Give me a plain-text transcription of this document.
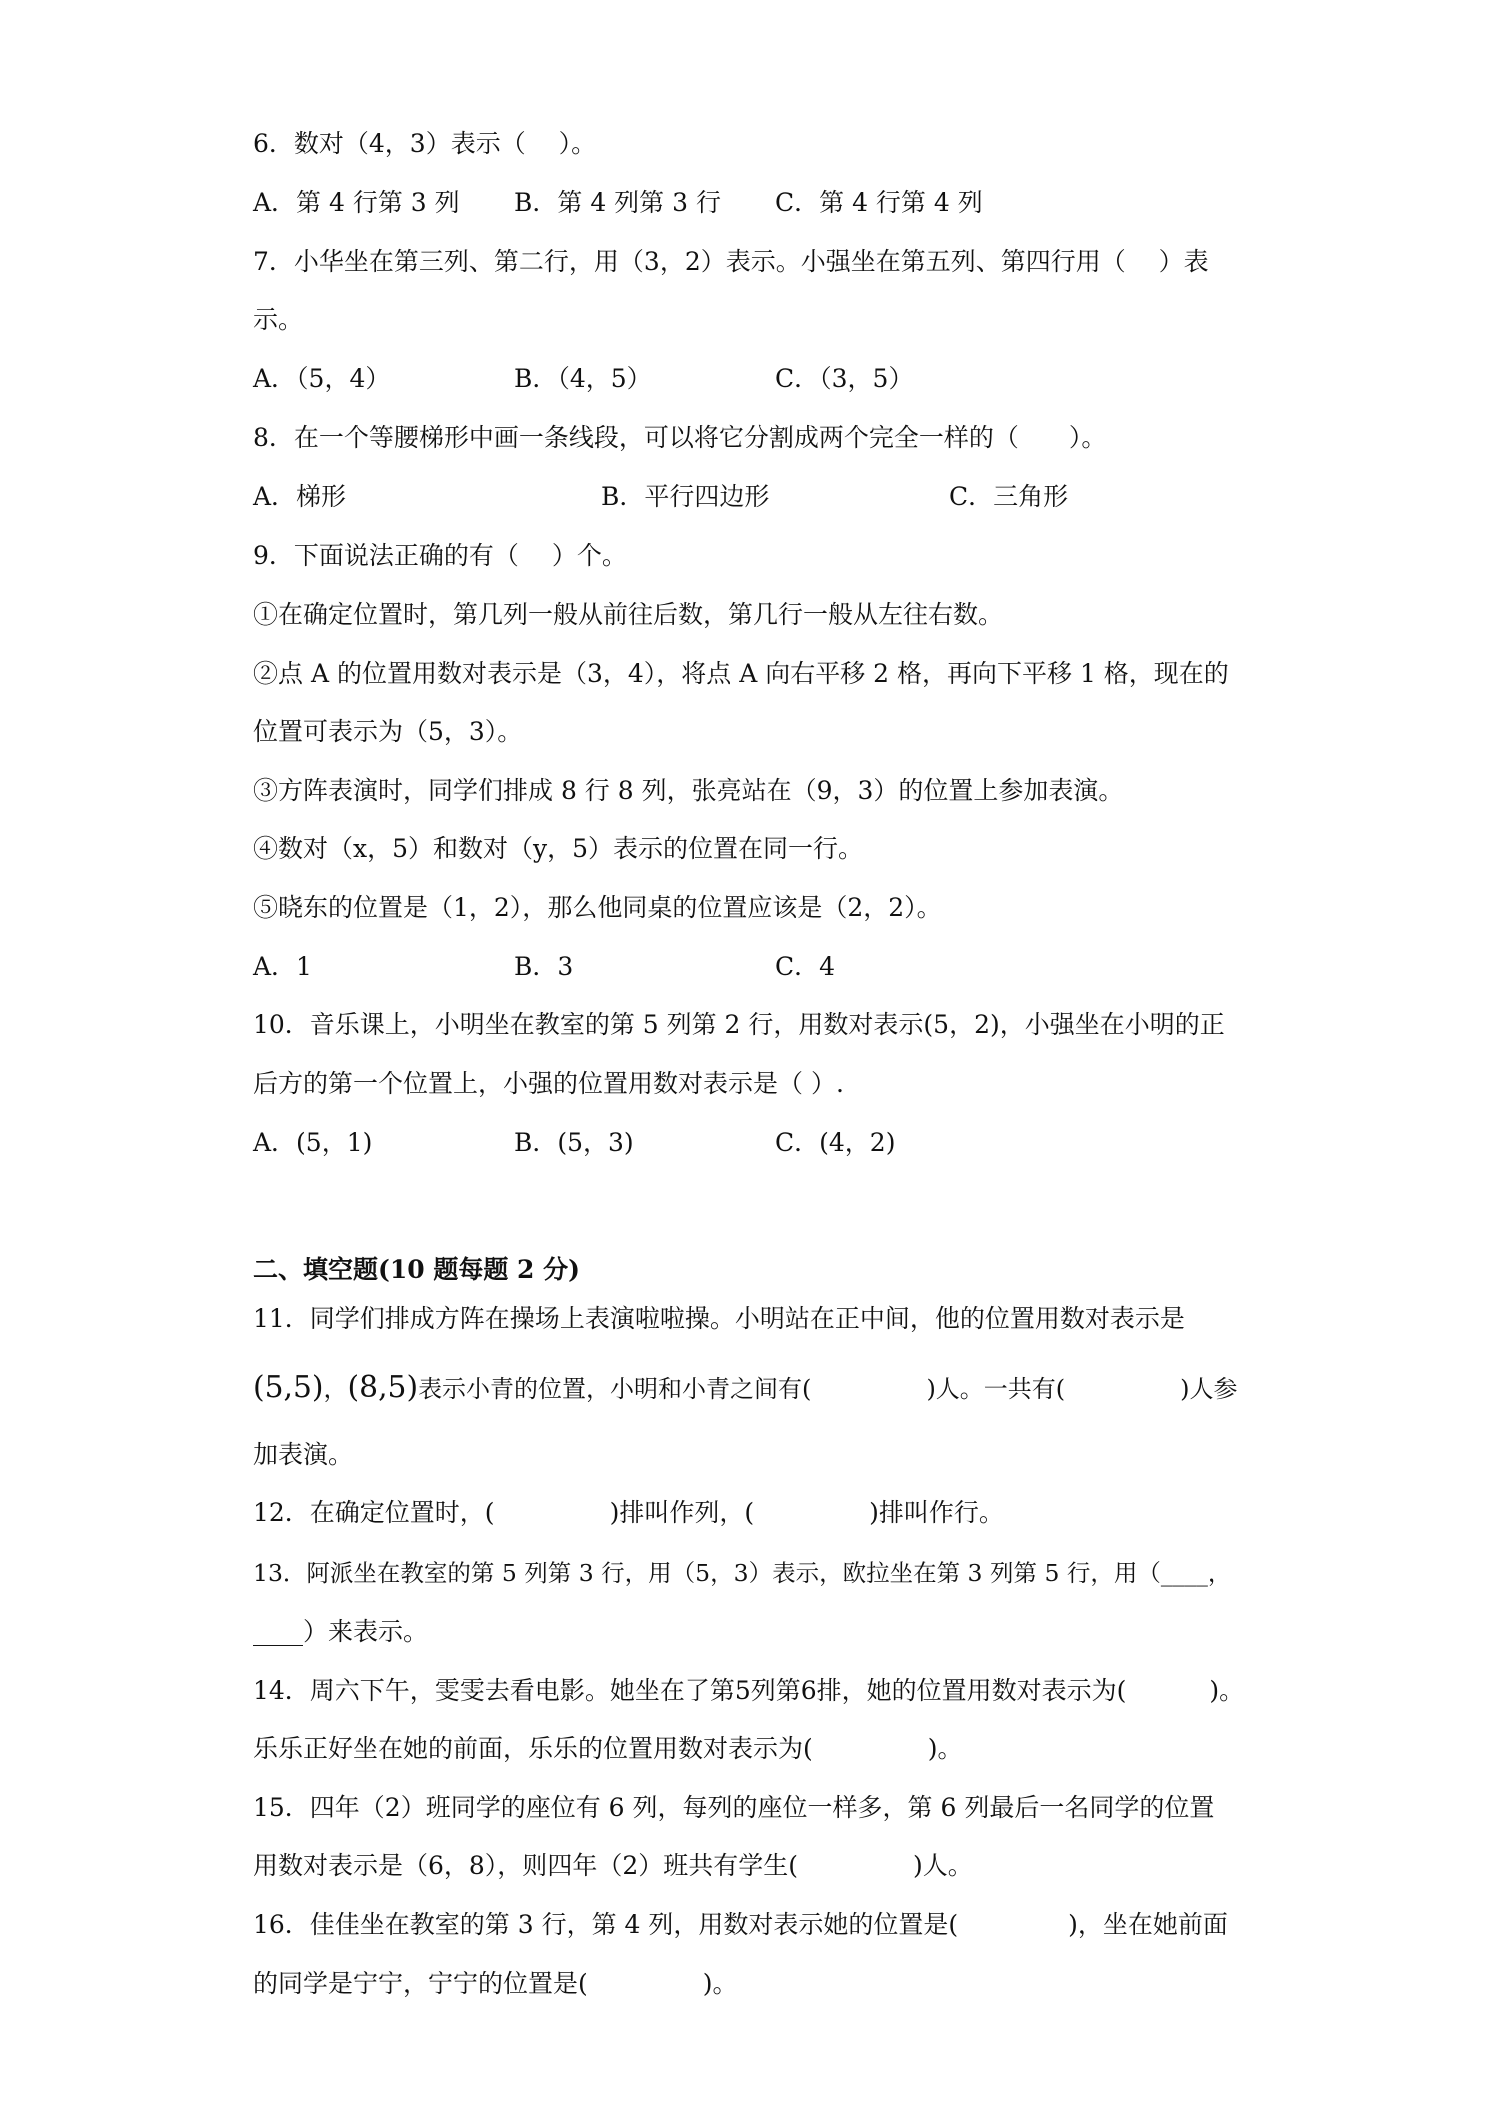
6．数对（4，3）表示（　 ）。
A．第 4 行第 3 列 B．第 4 列第 3 行 C．第 4 行第 4 列
7．小华坐在第三列、第二行，用（3，2）表示。小强坐在第五列、第四行用（　 ）表
示。
A．（5，4）	B．（4，5）	C．（3，5）
8．在一个等腰梯形中画一条线段，可以将它分割成两个完全一样的（　　）。
A．梯形	B．平行四边形	C．三角形
9．下面说法正确的有（　 ）个。
①在确定位置时，第几列一般从前往后数，第几行一般从左往右数。
②点 A 的位置用数对表示是（3，4），将点 A 向右平移 2 格，再向下平移 1 格，现在的
位置可表示为（5，3）。
③方阵表演时，同学们排成 8 行 8 列，张亮站在（9，3）的位置上参加表演。
④数对（x，5）和数对（y，5）表示的位置在同一行。
⑤晓东的位置是（1，2），那么他同桌的位置应该是（2，2）。
A．1	B．3	C．4
10．音乐课上，小明坐在教室的第 5 列第 2 行，用数对表示(5，2)，小强坐在小明的正
后方的第一个位置上，小强的位置用数对表示是（ ）.
A．(5，1)	B．(5，3)	C．(4，2)
二、填空题(10 题每题 2 分)
11．同学们排成方阵在操场上表演啦啦操。小明站在正中间，他的位置用数对表示是
(5,5)，(8,5)表示小青的位置，小明和小青之间有(	)人。一共有(	)人参
加表演。
12．在确定位置时，(	)排叫作列，(	)排叫作行。
13．阿派坐在教室的第 5 列第 3 行，用（5，3）表示，欧拉坐在第 3 列第 5 行，用（____，
____）来表示。
14．周六下午，雯雯去看电影。她坐在了第5列第6排，她的位置用数对表示为(　　　 )。
乐乐正好坐在她的前面，乐乐的位置用数对表示为(	)。
15．四年（2）班同学的座位有 6 列，每列的座位一样多，第 6 列最后一名同学的位置
用数对表示是（6，8），则四年（2）班共有学生(	)人。
16．佳佳坐在教室的第 3 行，第 4 列，用数对表示她的位置是(	)，坐在她前面
的同学是宁宁，宁宁的位置是(	)。
